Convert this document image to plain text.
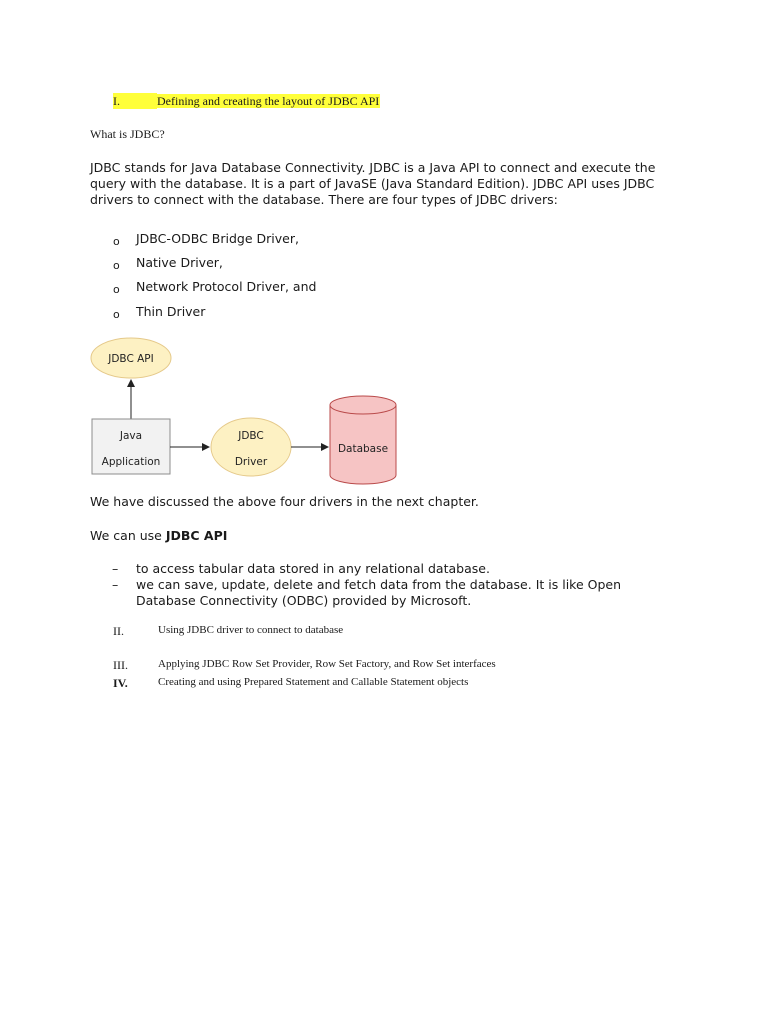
I.	Defining and creating the layout of JDBC API
What is JDBC?
JDBC stands for Java Database Connectivity. JDBC is a Java API to connect and execute the query with the database. It is a part of JavaSE (Java Standard Edition). JDBC API uses JDBC drivers to connect with the database. There are four types of JDBC drivers:
o JDBC-ODBC Bridge Driver,
o Native Driver,
o Network Protocol Driver, and
o Thin Driver
JDBC API
Java
Application
JDBC
Driver
Database
We have discussed the above four drivers in the next chapter.
We can use JDBC API
– to access tabular data stored in any relational database.
– we can save, update, delete and fetch data from the database. It is like Open
Database Connectivity (ODBC) provided by Microsoft.
II.	Using JDBC driver to connect to database
III.	Applying JDBC Row Set Provider, Row Set Factory, and Row Set interfaces
IV.	Creating and using Prepared Statement and Callable Statement objects
